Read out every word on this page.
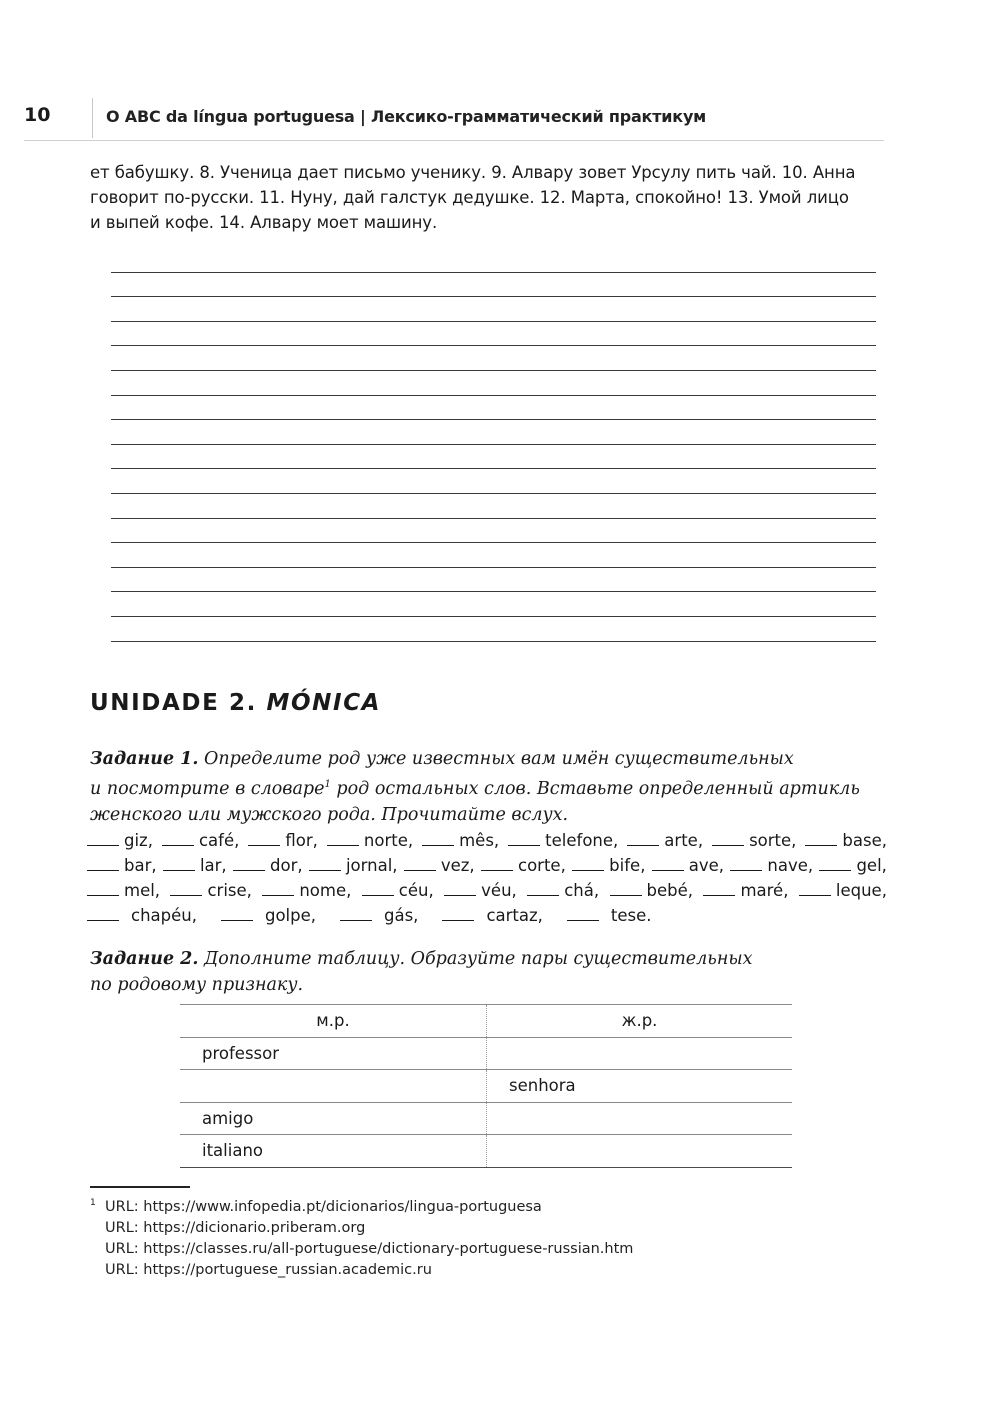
10	O ABC da língua portuguesa | Лексико-грамматический практикум
ет бабушку. 8. Ученица дает письмо ученику. 9. Алвару зовет Урсулу пить чай. 10. Анна
говорит по-русски. 11. Нуну, дай галстук дедушке. 12. Марта, спокойно! 13. Умой лицо
и выпей кофе. 14. Алвару моет машину.
UNIDADE 2. MÓNICA
Задание 1. Определите род уже известных вам имён существительных
и посмотрите в словаре$^1$ род остальных слов. Вставьте определенный артикль
женского или мужского рода. Прочитайте вслух.
giz,	café,	flor,	norte,	mês,	telefone,	arte,	sorte,	base,
bar,	lar,	dor,	jornal,	vez,	corte,	bife,	ave,	nave,	gel,
mel,	crise,	nome,	céu,	véu,	chá,	bebé,	maré,	leque,
chapéu,	golpe,	gás,	cartaz,	tese.
Задание 2. Дополните таблицу. Образуйте пары существительных
по родовому признаку.
м.р.	ж.р.
professor	
	senhora
amigo	
italiano	
1 URL: https://www.infopedia.pt/dicionarios/lingua-portuguesa
URL: https://dicionario.priberam.org
URL: https://classes.ru/all-portuguese/dictionary-portuguese-russian.htm
URL: https://portuguese_russian.academic.ru
